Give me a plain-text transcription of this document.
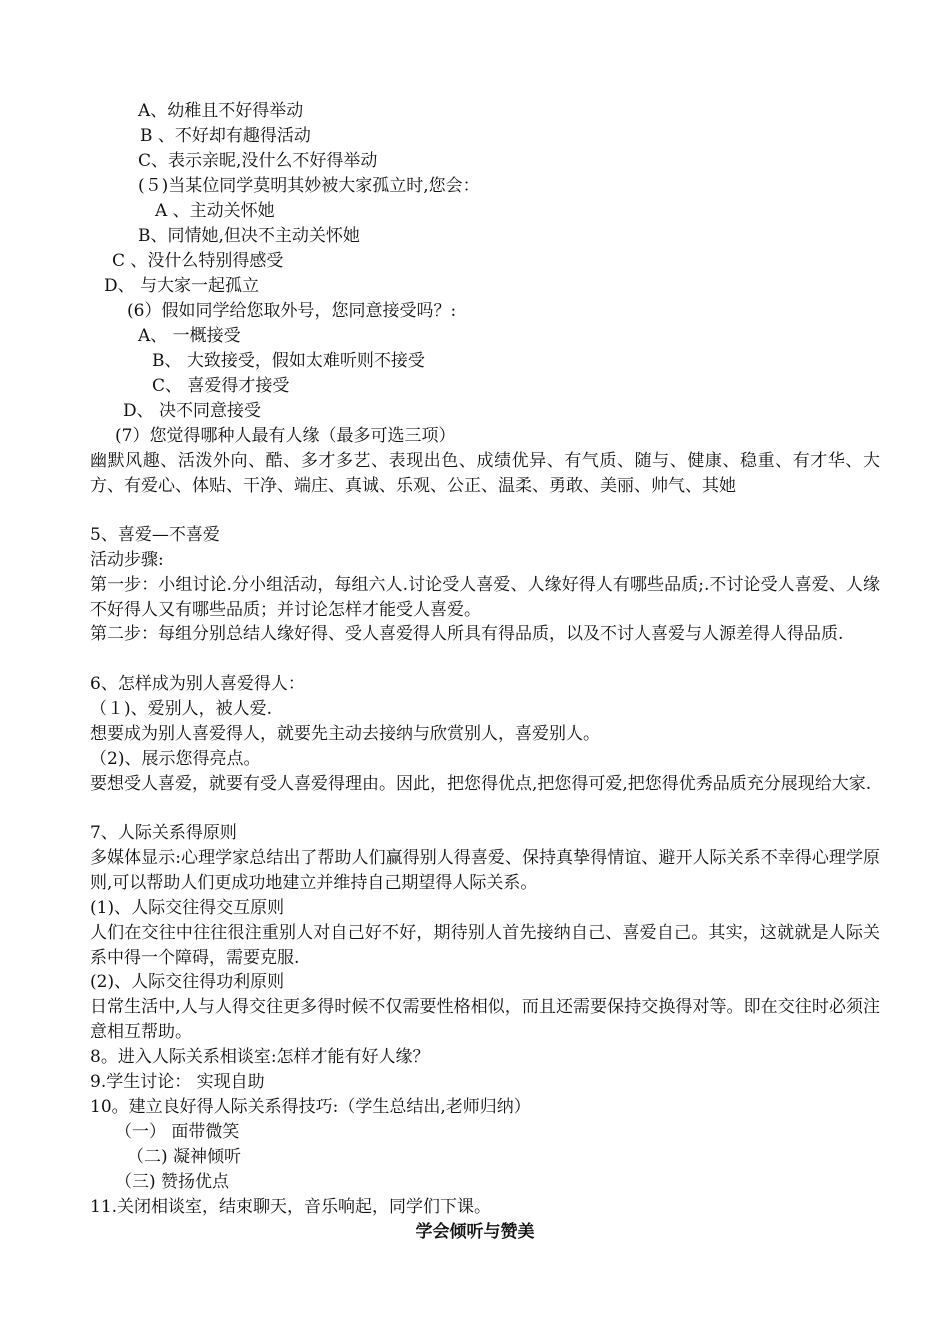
A、幼稚且不好得举动
B 、不好却有趣得活动
C、表示亲昵,没什么不好得举动
(５)当某位同学莫明其妙被大家孤立时,您会：
A 、主动关怀她
B、同情她,但决不主动关怀她
C 、没什么特别得感受
D、 与大家一起孤立
(6）假如同学给您取外号，您同意接受吗？:
A、 一概接受
B、 大致接受，假如太难听则不接受
C、 喜爱得才接受
D、 决不同意接受
(7）您觉得哪种人最有人缘（最多可选三项）
幽默风趣、活泼外向、酷、多才多艺、表现出色、成绩优异、有气质、随与、健康、稳重、有才华、大方、有爱心、体贴、干净、端庄、真诚、乐观、公正、温柔、勇敢、美丽、帅气、其她
5、喜爱—不喜爱
活动步骤:
第一步：小组讨论.分小组活动，每组六人.讨论受人喜爱、人缘好得人有哪些品质;.不讨论受人喜爱、人缘不好得人又有哪些品质；并讨论怎样才能受人喜爱。
第二步：每组分别总结人缘好得、受人喜爱得人所具有得品质，以及不讨人喜爱与人源差得人得品质.
6、怎样成为别人喜爱得人：
（１)、爱别人，被人爱.
想要成为别人喜爱得人，就要先主动去接纳与欣赏别人，喜爱别人。
（2)、展示您得亮点。
要想受人喜爱，就要有受人喜爱得理由。因此，把您得优点,把您得可爱,把您得优秀品质充分展现给大家.
7、人际关系得原则
多媒体显示:心理学家总结出了帮助人们赢得别人得喜爱、保持真挚得情谊、避开人际关系不幸得心理学原则,可以帮助人们更成功地建立并维持自己期望得人际关系。
(1)、人际交往得交互原则
人们在交往中往往很注重别人对自己好不好，期待别人首先接纳自己、喜爱自己。其实，这就就是人际关系中得一个障碍，需要克服.
(2)、人际交往得功利原则
日常生活中,人与人得交往更多得时候不仅需要性格相似，而且还需要保持交换得对等。即在交往时必须注意相互帮助。
8。进入人际关系相谈室:怎样才能有好人缘？
9.学生讨论： 实现自助
10。建立良好得人际关系得技巧:（学生总结出,老师归纳）
（一） 面带微笑
（二) 凝神倾听
（三) 赞扬优点
11.关闭相谈室，结束聊天，音乐响起，同学们下课。
学会倾听与赞美
